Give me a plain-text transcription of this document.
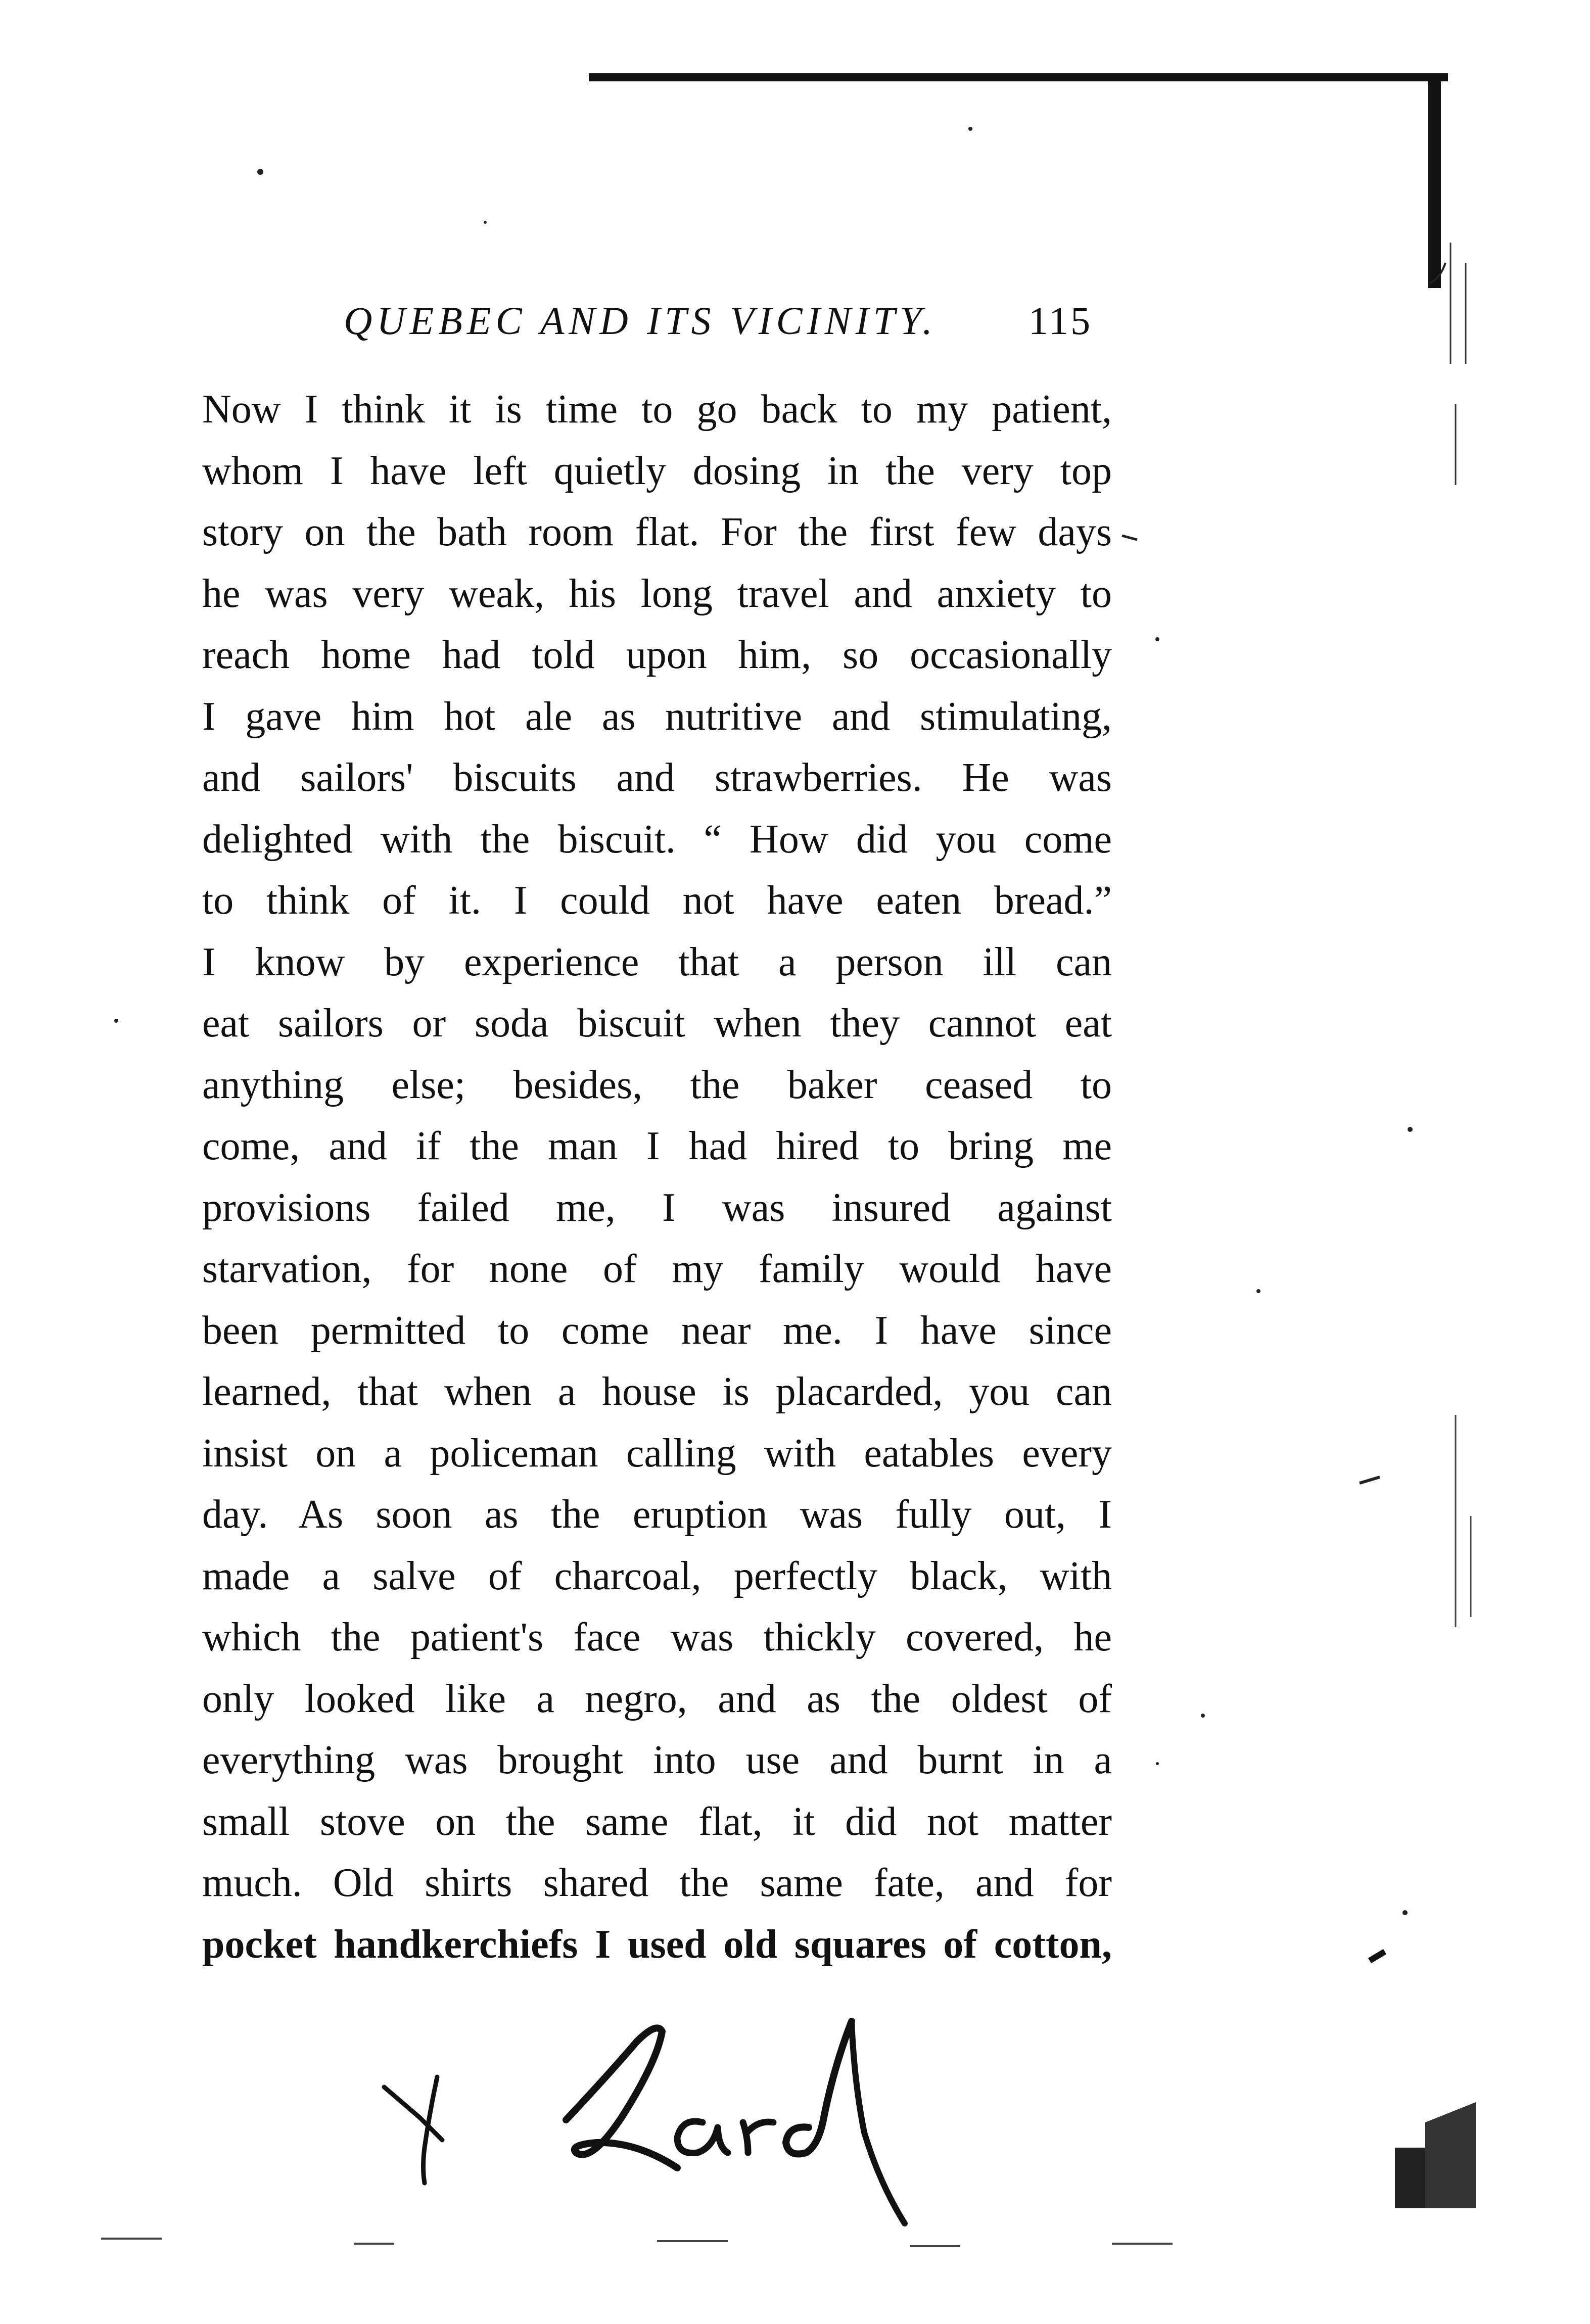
QUEBEC AND ITS VICINITY. 115
Now I think it is time to go back to my patient,
whom I have left quietly dosing in the very top
story on the bath room flat. For the first few days
he was very weak, his long travel and anxiety to
reach home had told upon him, so occasionally
I gave him hot ale as nutritive and stimulating,
and sailors' biscuits and strawberries. He was
delighted with the biscuit. “ How did you come
to think of it. I could not have eaten bread.”
I know by experience that a person ill can
eat sailors or soda biscuit when they cannot eat
anything else; besides, the baker ceased to
come, and if the man I had hired to bring me
provisions failed me, I was insured against
starvation, for none of my family would have
been permitted to come near me. I have since
learned, that when a house is placarded, you can
insist on a policeman calling with eatables every
day. As soon as the eruption was fully out, I
made a salve of charcoal, perfectly black, with
which the patient's face was thickly covered, he
only looked like a negro, and as the oldest of
everything was brought into use and burnt in a
small stove on the same flat, it did not matter
much. Old shirts shared the same fate, and for
pocket handkerchiefs I used old squares of cotton,
